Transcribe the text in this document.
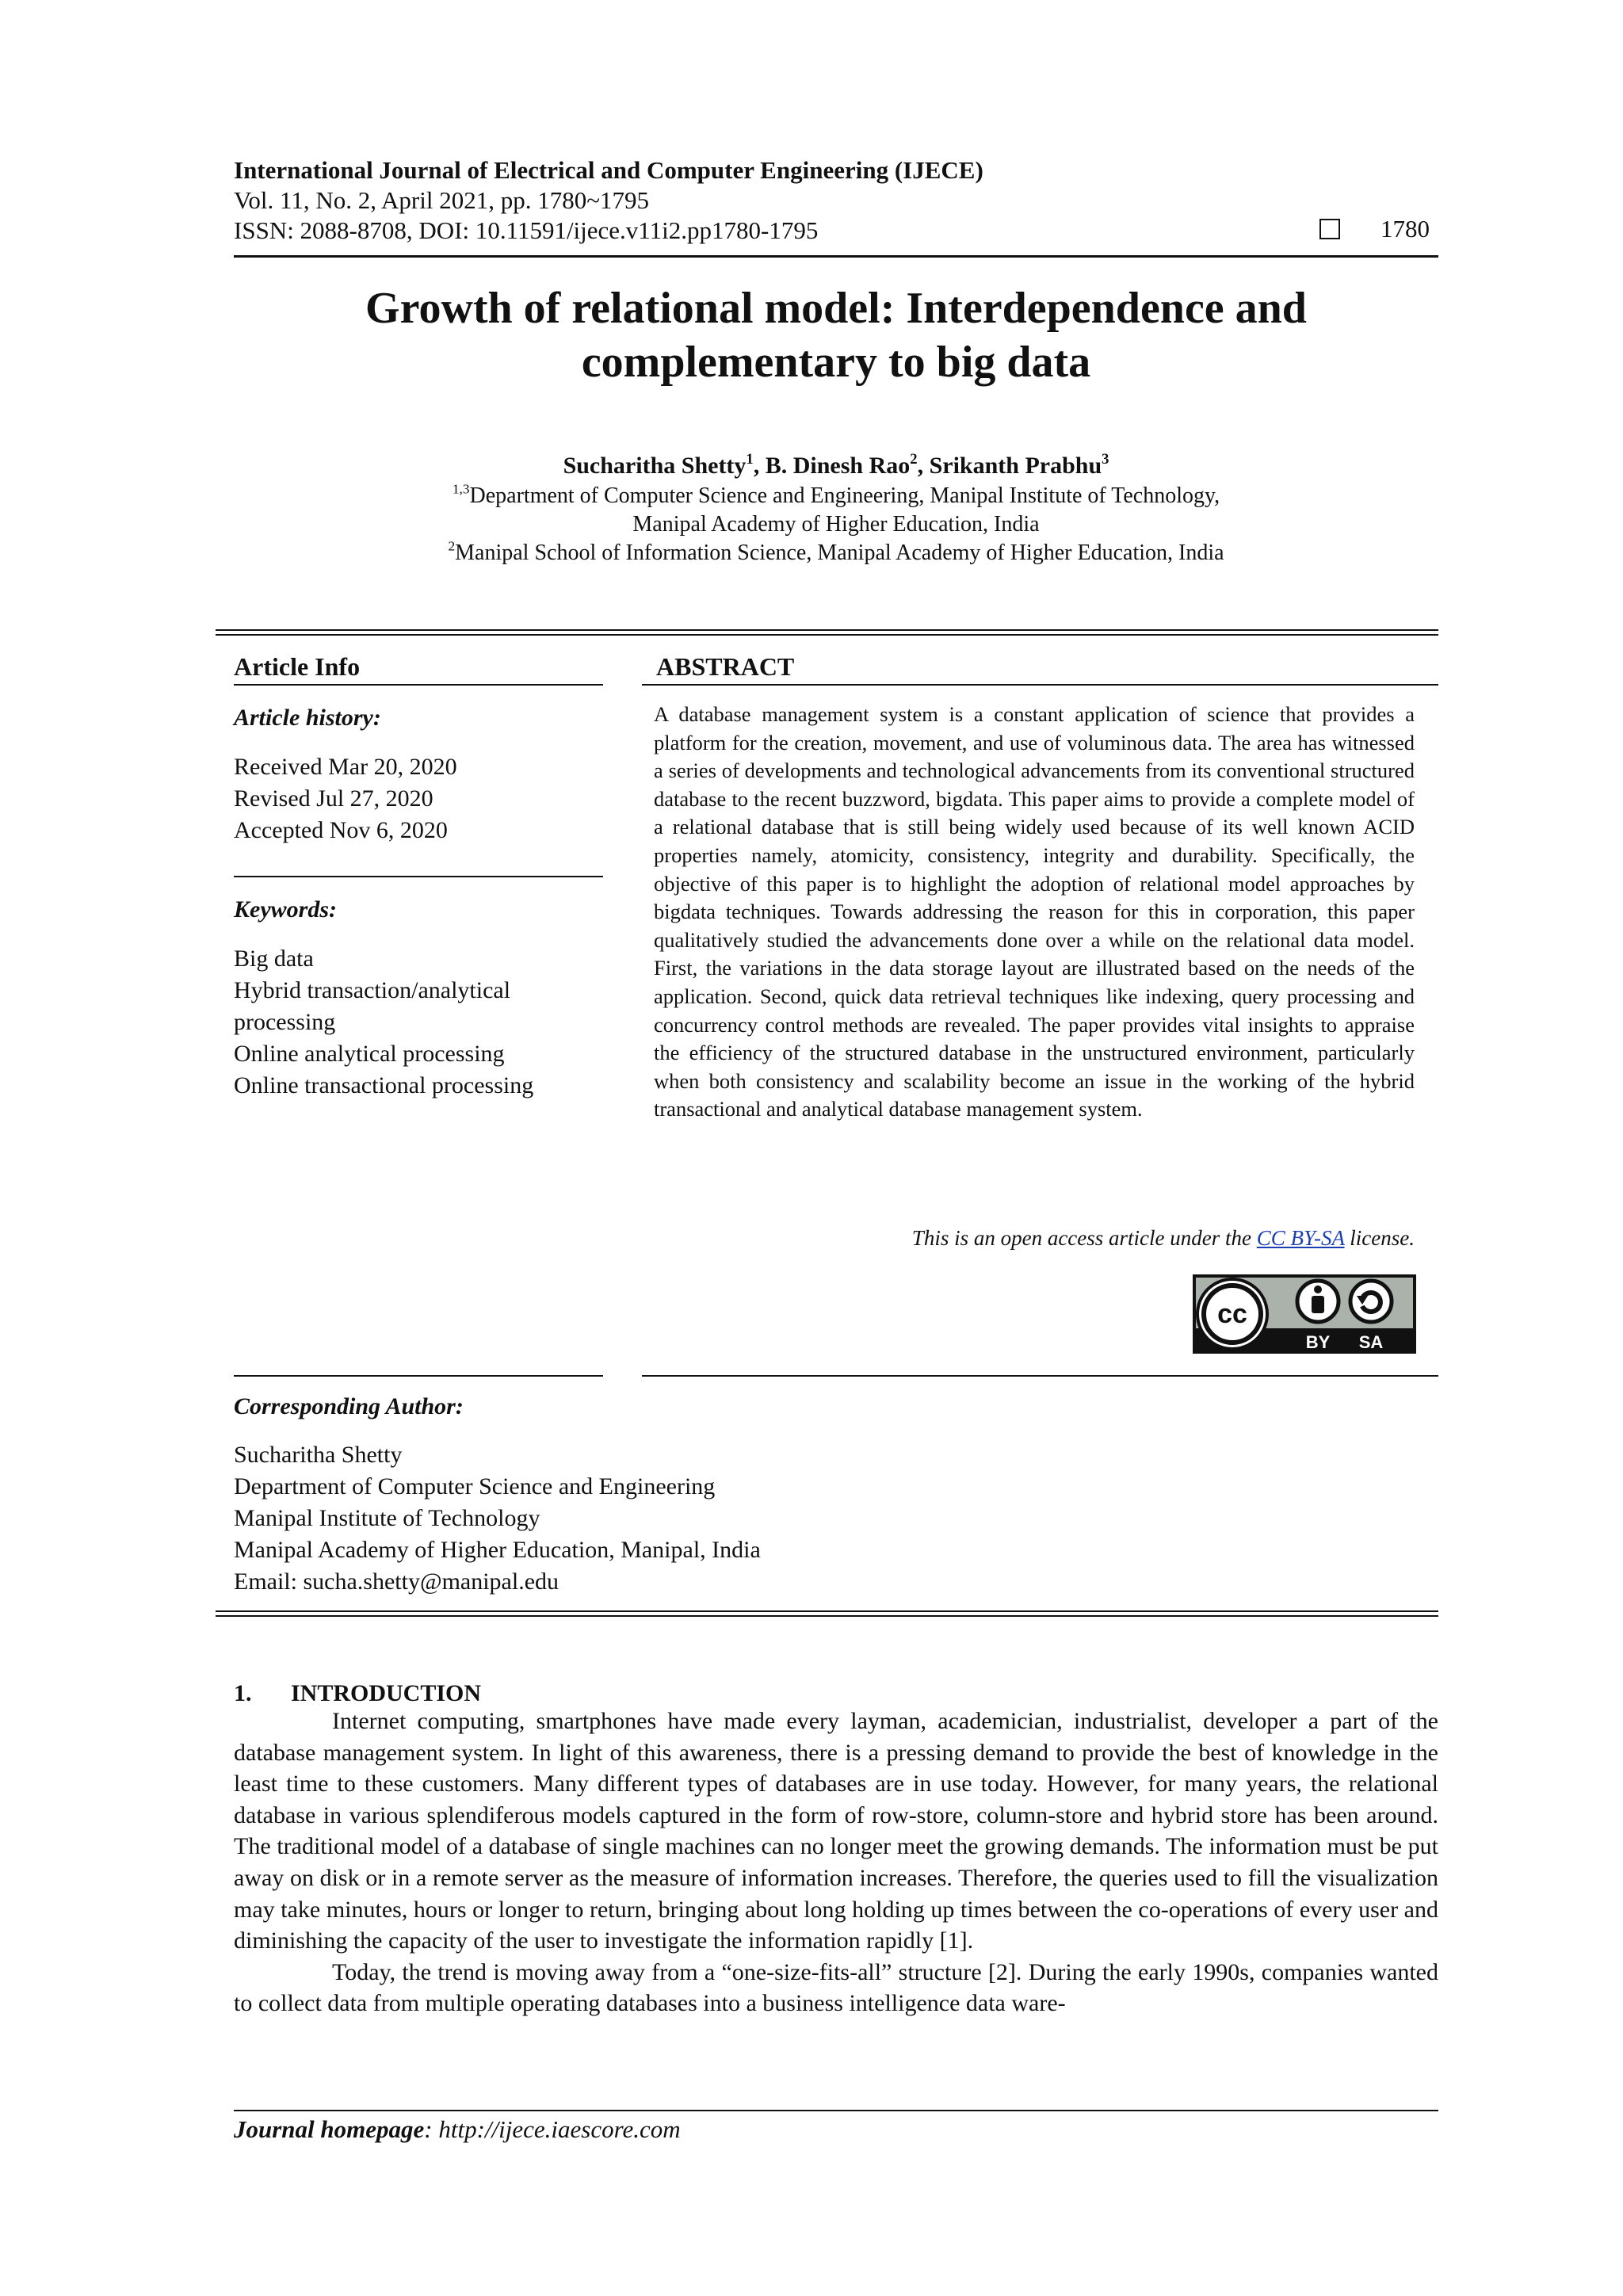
International Journal of Electrical and Computer Engineering (IJECE)
Vol. 11, No. 2, April 2021, pp. 1780~1795
ISSN: 2088-8708, DOI: 10.11591/ijece.v11i2.pp1780-1795	1780
Growth of relational model: Interdependence and
complementary to big data
Sucharitha Shetty$^1$, B. Dinesh Rao$^2$, Srikanth Prabhu$^3$
$^{1,3}$Department of Computer Science and Engineering, Manipal Institute of Technology,
Manipal Academy of Higher Education, India
$^2$Manipal School of Information Science, Manipal Academy of Higher Education, India
Article Info
Article history:
Received Mar 20, 2020
Revised Jul 27, 2020
Accepted Nov 6, 2020
Keywords:
Big data
Hybrid transaction/analytical
processing
Online analytical processing
Online transactional processing
ABSTRACT
A database management system is a constant application of science that provides a platform for the creation, movement, and use of voluminous data. The area has witnessed a series of developments and technological advancements from its conventional structured database to the recent buzzword, bigdata. This paper aims to provide a complete model of a relational database that is still being widely used because of its well known ACID properties namely, atomicity, consistency, integrity and durability. Specifically, the objective of this paper is to highlight the adoption of relational model approaches by bigdata techniques. Towards addressing the reason for this in corporation, this paper qualitatively studied the advancements done over a while on the relational data model. First, the variations in the data storage layout are illustrated based on the needs of the application. Second, quick data retrieval techniques like indexing, query processing and concurrency control methods are revealed. The paper provides vital insights to appraise the efficiency of the structured database in the unstructured environment, particularly when both consistency and scalability become an issue in the working of the hybrid transactional and analytical database management system.
This is an open access article under the CC BY-SA license.
cc
BY SA
Corresponding Author:
Sucharitha Shetty
Department of Computer Science and Engineering
Manipal Institute of Technology
Manipal Academy of Higher Education, Manipal, India
Email: sucha.shetty@manipal.edu
1. INTRODUCTION

Internet computing, smartphones have made every layman, academician, industrialist, developer a part of the database management system. In light of this awareness, there is a pressing demand to provide the best of knowledge in the least time to these customers. Many different types of databases are in use today. However, for many years, the relational database in various splendiferous models captured in the form of row-store, column-store and hybrid store has been around. The traditional model of a database of single machines can no longer meet the growing demands. The information must be put away on disk or in a remote server as the measure of information increases. Therefore, the queries used to fill the visualization may take minutes, hours or longer to return, bringing about long holding up times between the co-operations of every user and diminishing the capacity of the user to investigate the information rapidly [1].

Today, the trend is moving away from a “one-size-fits-all” structure [2]. During the early 1990s, companies wanted to collect data from multiple operating databases into a business intelligence data ware-

Journal homepage: http://ijece.iaescore.com
